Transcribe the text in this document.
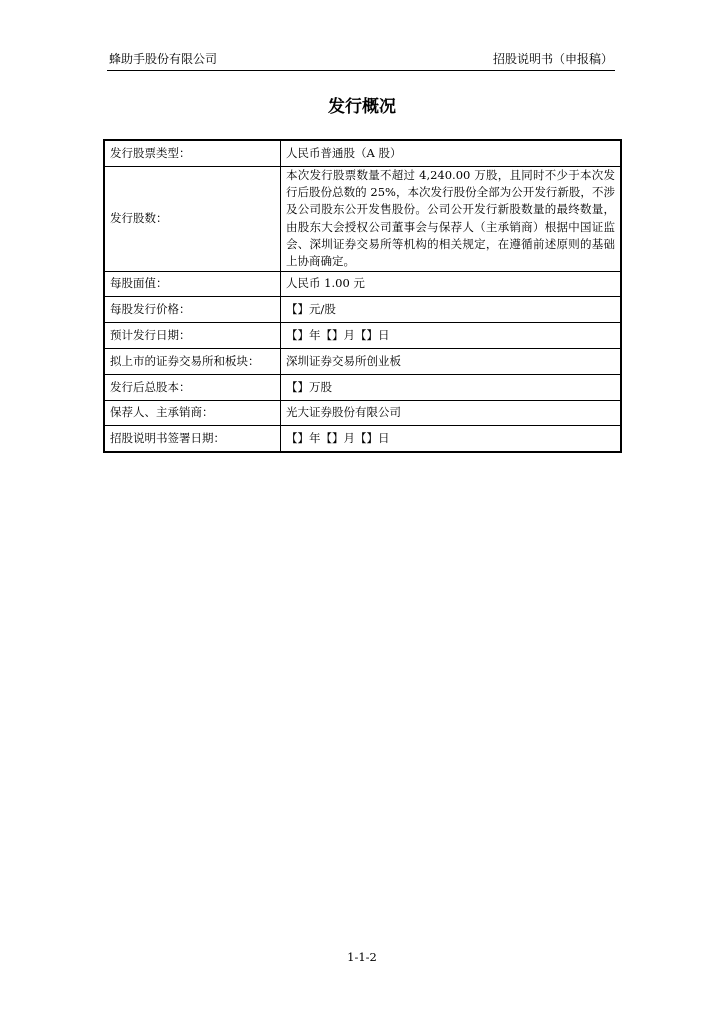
蜂助手股份有限公司	招股说明书（申报稿）
发行概况
发行股票类型：	人民币普通股（A 股）
发行股数：	本次发行股票数量不超过 4,240.00 万股，且同时不少于本次发行后股份总数的 25%，本次发行股份全部为公开发行新股，不涉及公司股东公开发售股份。公司公开发行新股数量的最终数量，由股东大会授权公司董事会与保荐人（主承销商）根据中国证监会、深圳证券交易所等机构的相关规定，在遵循前述原则的基础上协商确定。
每股面值：	人民币 1.00 元
每股发行价格：	【】元/股
预计发行日期：	【】年【】月【】日
拟上市的证券交易所和板块：	深圳证券交易所创业板
发行后总股本：	【】万股
保荐人、主承销商：	光大证券股份有限公司
招股说明书签署日期：	【】年【】月【】日
1-1-2
